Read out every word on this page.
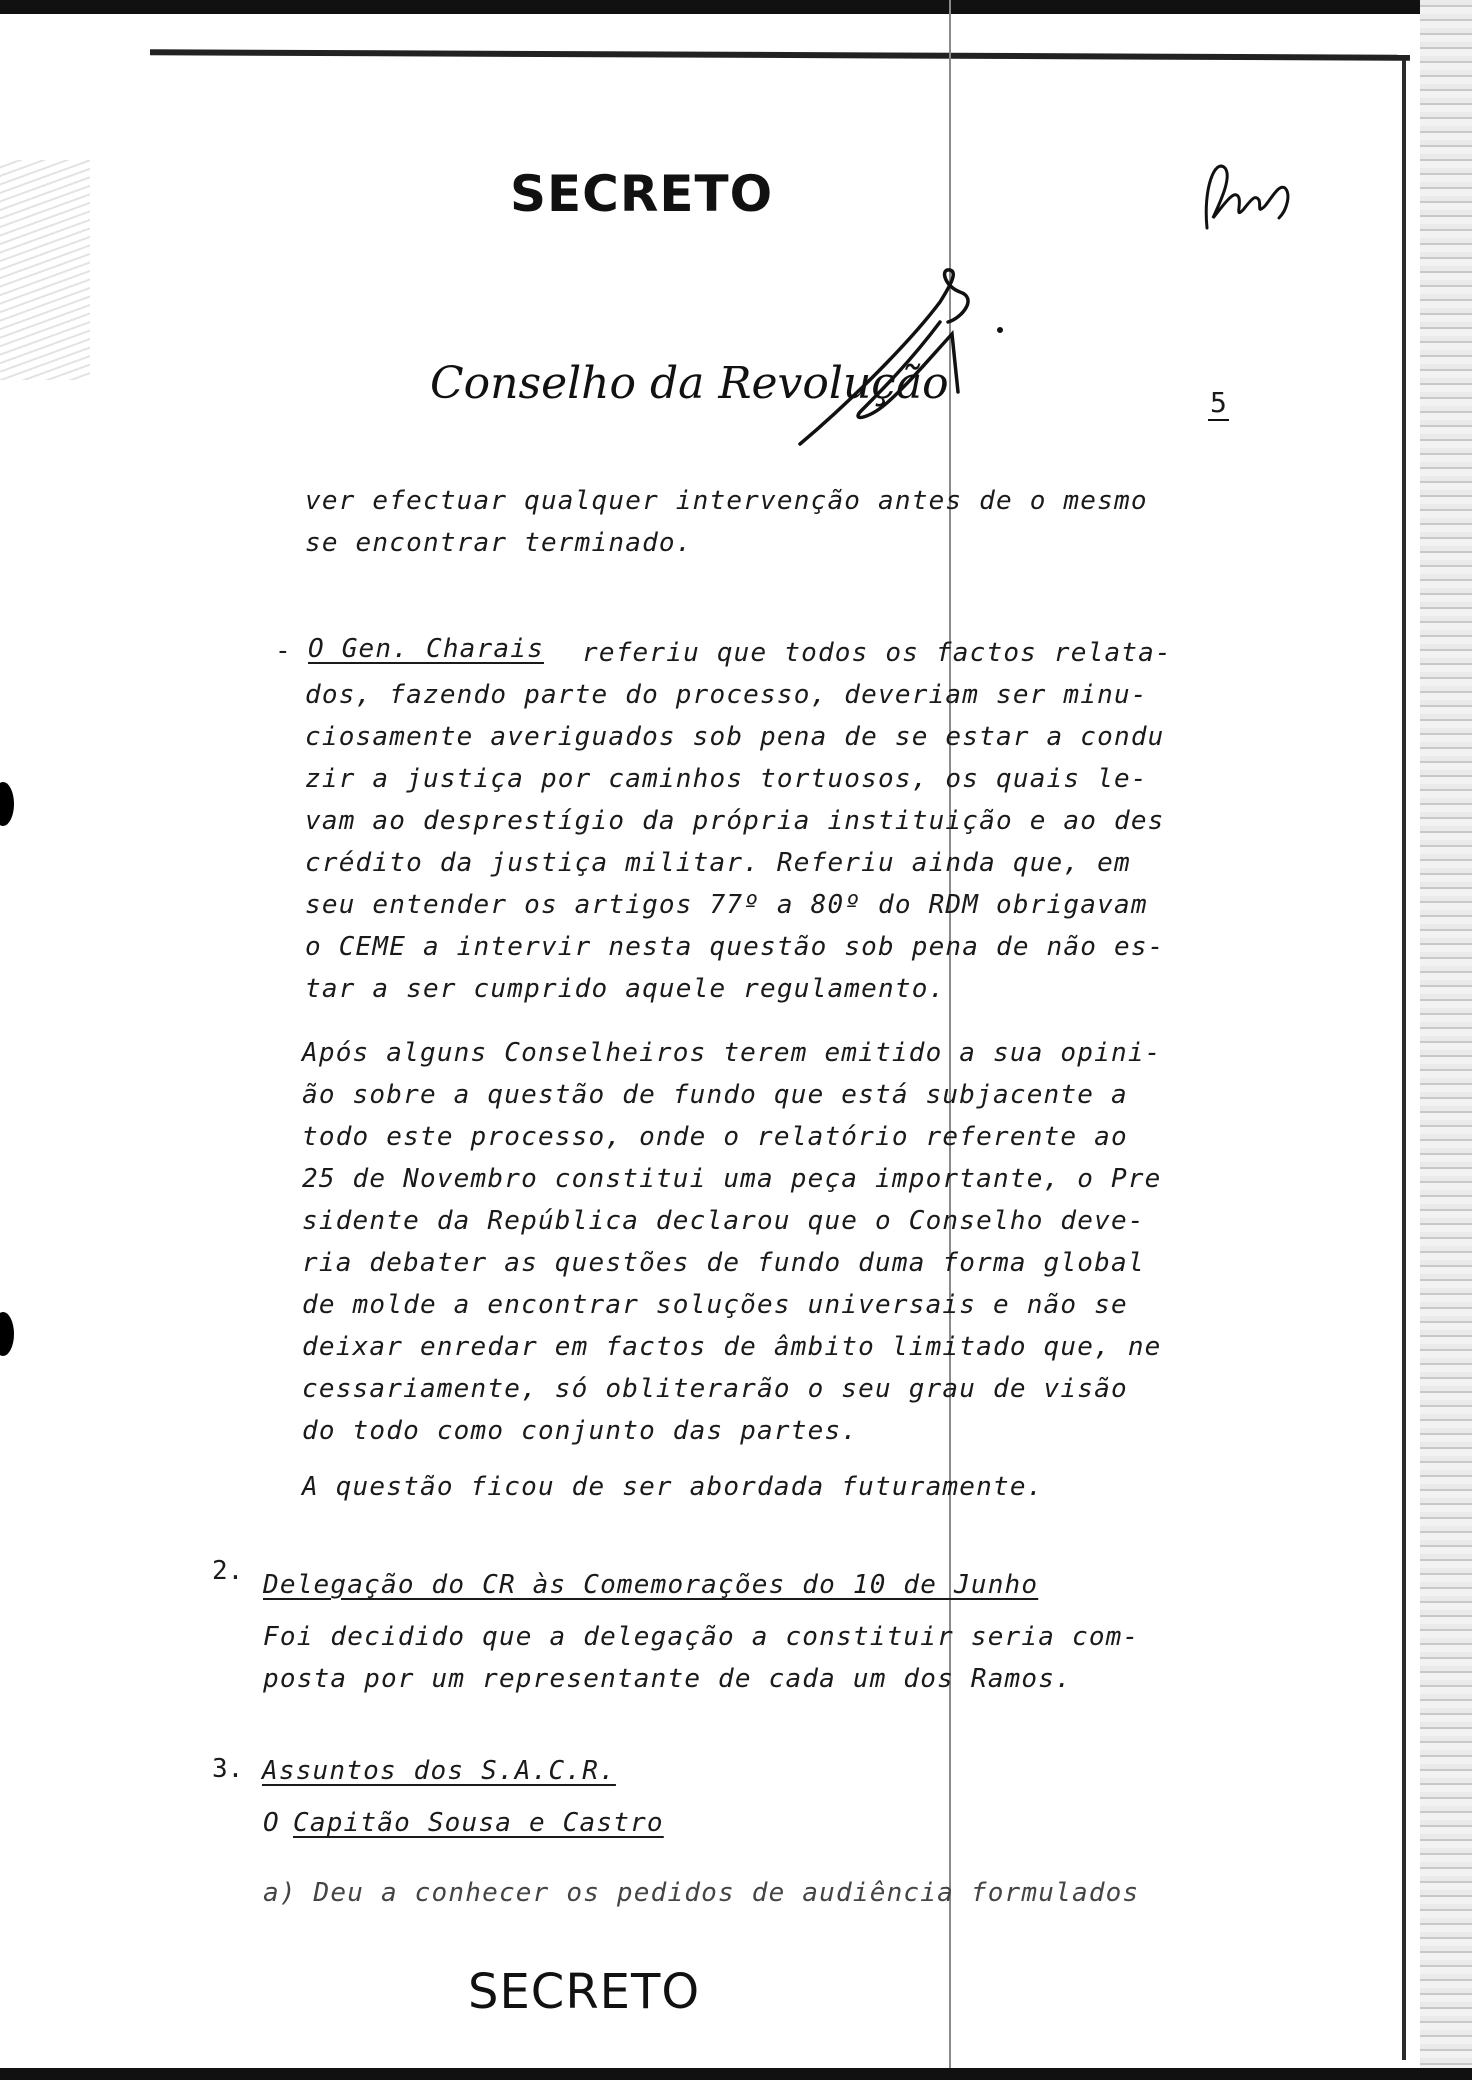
SECRETO
Conselho da Revolução	5
ver efectuar qualquer intervenção antes de o mesmo
se encontrar terminado.
- O Gen. Charais referiu que todos os factos relata-
dos, fazendo parte do processo, deveriam ser minu-
ciosamente averiguados sob pena de se estar a condu
zir a justiça por caminhos tortuosos, os quais le-
vam ao desprestígio da própria instituição e ao des
crédito da justiça militar. Referiu ainda que, em
seu entender os artigos 77º a 80º do RDM obrigavam
o CEME a intervir nesta questão sob pena de não es-
tar a ser cumprido aquele regulamento.
Após alguns Conselheiros terem emitido a sua opini-
ão sobre a questão de fundo que está subjacente a
todo este processo, onde o relatório referente ao
25 de Novembro constitui uma peça importante, o Pre
sidente da República declarou que o Conselho deve-
ria debater as questões de fundo duma forma global
de molde a encontrar soluções universais e não se
deixar enredar em factos de âmbito limitado que, ne
cessariamente, só obliterarão o seu grau de visão
do todo como conjunto das partes.
A questão ficou de ser abordada futuramente.
2. Delegação do CR às Comemorações do 10 de Junho
Foi decidido que a delegação a constituir seria com-
posta por um representante de cada um dos Ramos.
3. Assuntos dos S.A.C.R.
O Capitão Sousa e Castro
a) Deu a conhecer os pedidos de audiência formulados
SECRETO
